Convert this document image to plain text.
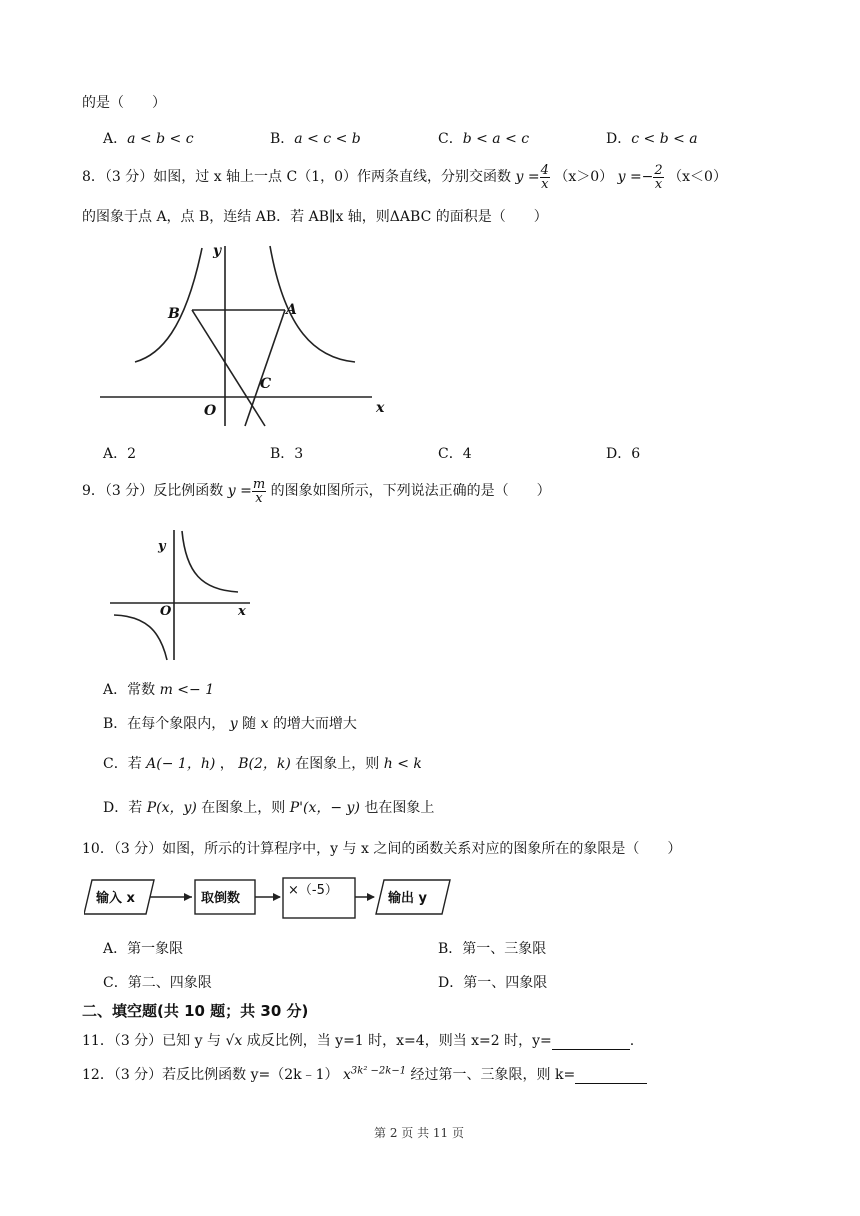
的是（　　）
A．a < b < c	B．a < c < b	C．b < a < c	D．c < b < a
8．（3 分）如图，过 x 轴上一点 C（1，0）作两条直线，分别交函数 $y = \frac{4}{x} (x>0) y =- \frac{2}{x} (x<0)$
的图象于点 A，点 B，连结 AB．若 AB∥x 轴，则ΔABC 的面积是（　　）
y
x
B	A
C
O
A．2	B．3	C．4	D．6
9．（3 分）反比例函数 $y = \frac{m}{x}$ 的图象如图所示，下列说法正确的是（　　）
y
x
O
A．常数 m <− 1
B．在每个象限内， y 随 x 的增大而增大
C．若 A(− 1，h) ， B(2，k) 在图象上，则 h < k
D．若 P(x，y) 在图象上，则 P'(x，− y) 也在图象上
10．（3 分）如图，所示的计算程序中，y 与 x 之间的函数关系对应的图象所在的象限是（　　）
输入 x	取倒数
×（-5）
输出 y
A．第一象限	B．第一、三象限
C．第二、四象限	D．第一、四象限
二、填空题(共 10 题；共 30 分)
11．（3 分）已知 y 与 √x 成反比例，当 y=1 时，x=4，则当 x=2 时，y=	.
12．（3 分）若反比例函数 y=（2k﹣1） $x^{3k^2 -2k-1}$ 经过第一、三象限，则 k=
第 2 页 共 11 页
